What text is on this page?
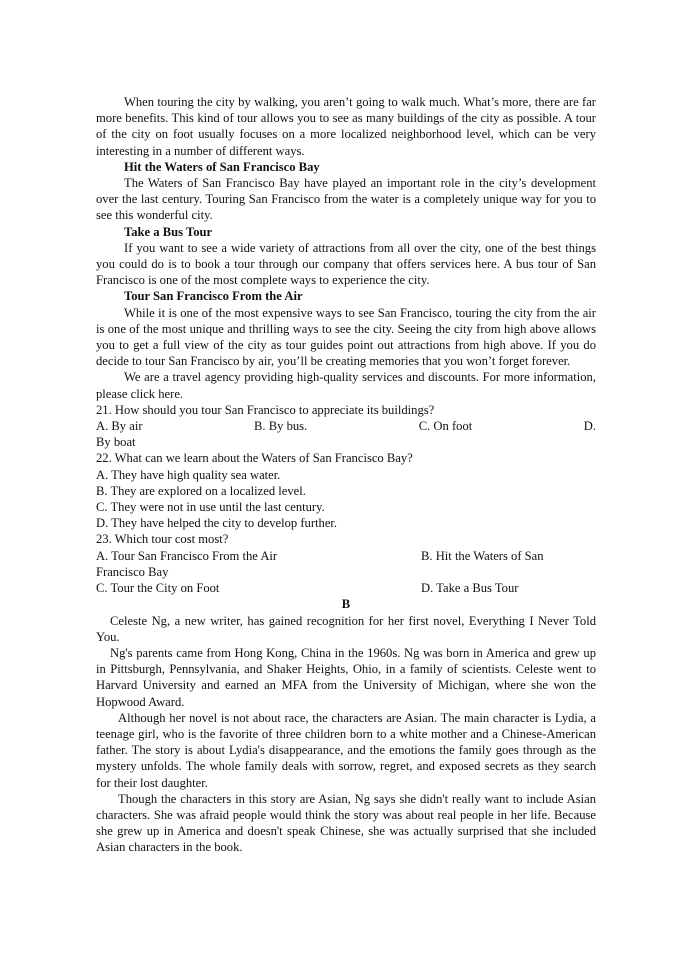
When touring the city by walking, you aren’t going to walk much. What’s more, there are far more benefits. This kind of tour allows you to see as many buildings of the city as possible. A tour of the city on foot usually focuses on a more localized neighborhood level, which can be very interesting in a number of different ways.

Hit the Waters of San Francisco Bay

The Waters of San Francisco Bay have played an important role in the city’s development over the last century. Touring San Francisco from the water is a completely unique way for you to see this wonderful city.

Take a Bus Tour

If you want to see a wide variety of attractions from all over the city, one of the best things you could do is to book a tour through our company that offers services here. A bus tour of San Francisco is one of the most complete ways to experience the city.

Tour San Francisco From the Air

While it is one of the most expensive ways to see San Francisco, touring the city from the air is one of the most unique and thrilling ways to see the city. Seeing the city from high above allows you to get a full view of the city as tour guides point out attractions from high above. If you do decide to tour San Francisco by air, you’ll be creating memories that you won’t forget forever.

We are a travel agency providing high-quality services and discounts. For more information, please click here.

21. How should you tour San Francisco to appreciate its buildings?

A. By air	B. By bus.	C. On foot	D.

By boat

22. What can we learn about the Waters of San Francisco Bay?

A. They have high quality sea water.

B. They are explored on a localized level.

C. They were not in use until the last century.

D. They have helped the city to develop further.

23. Which tour cost most?

A. Tour San Francisco From the Air	B. Hit the Waters of San

Francisco Bay

C. Tour the City on Foot	D. Take a Bus Tour

B

Celeste Ng, a new writer, has gained recognition for her first novel, Everything I Never Told You.

Ng's parents came from Hong Kong, China in the 1960s. Ng was born in America and grew up in Pittsburgh, Pennsylvania, and Shaker Heights, Ohio, in a family of scientists. Celeste went to Harvard University and earned an MFA from the University of Michigan, where she won the Hopwood Award.

Although her novel is not about race, the characters are Asian. The main character is Lydia, a teenage girl, who is the favorite of three children born to a white mother and a Chinese-American father. The story is about Lydia's disappearance, and the emotions the family goes through as the mystery unfolds. The whole family deals with sorrow, regret, and exposed secrets as they search for their lost daughter.

Though the characters in this story are Asian, Ng says she didn't really want to include Asian characters. She was afraid people would think the story was about real people in her life. Because she grew up in America and doesn't speak Chinese, she was actually surprised that she included Asian characters in the book.
